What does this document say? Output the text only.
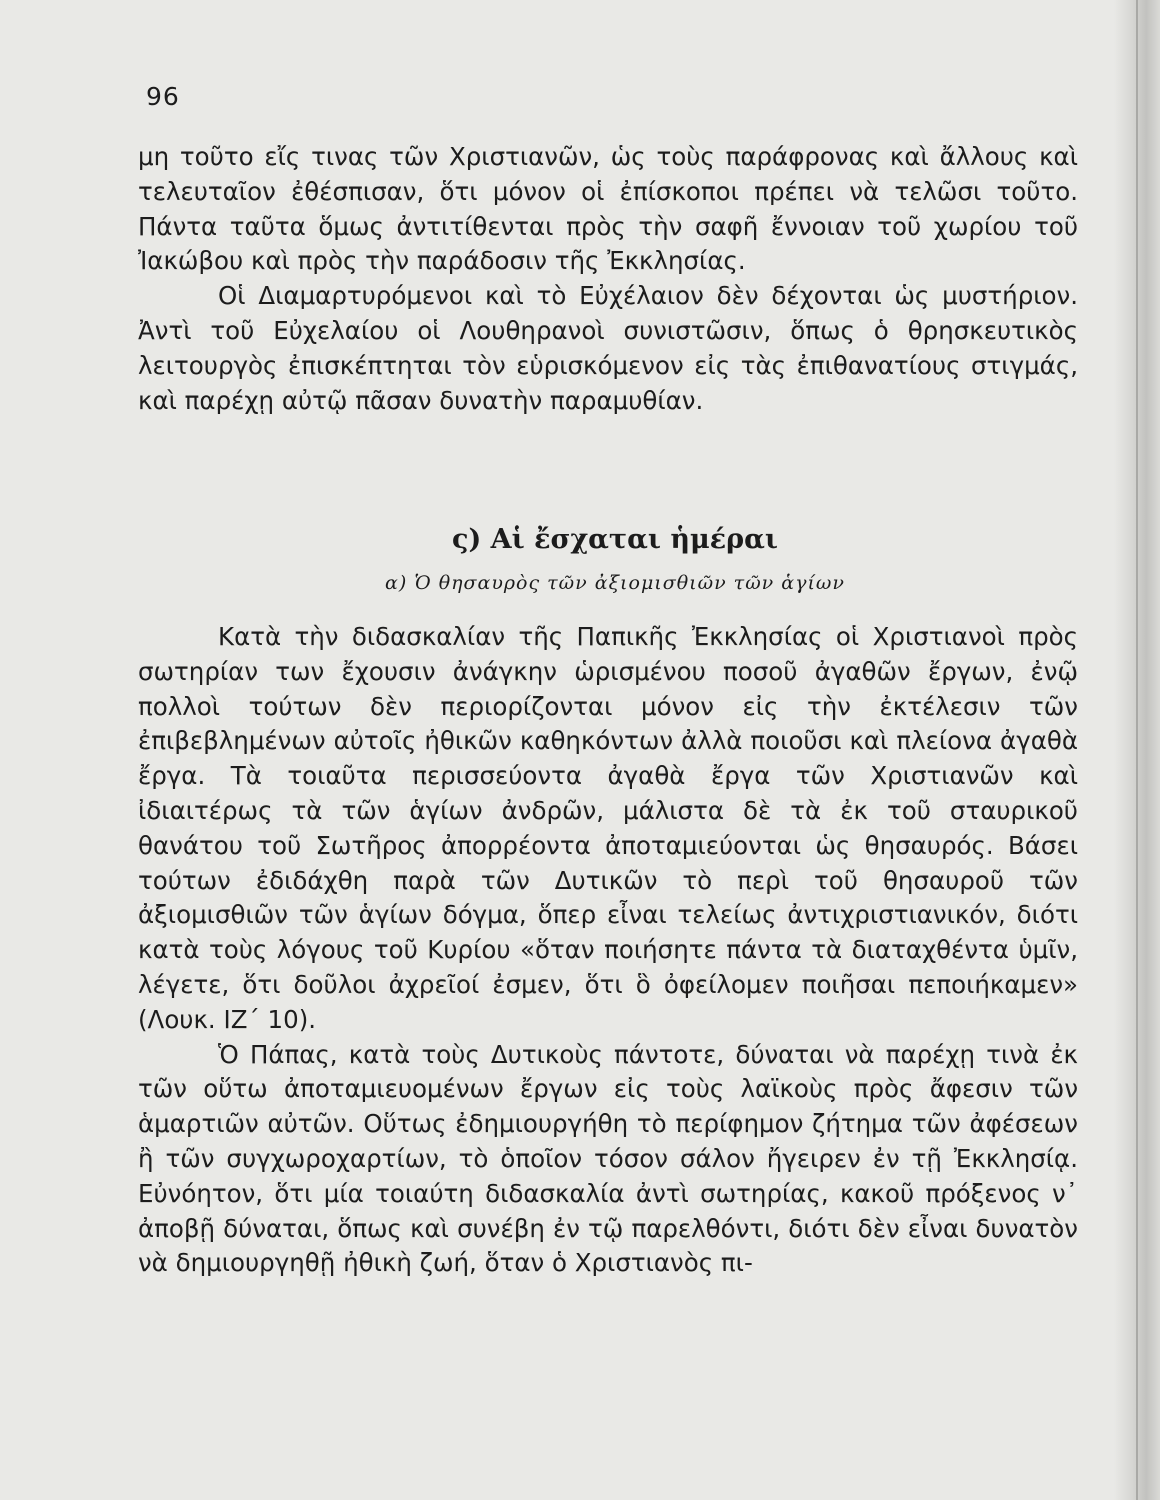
96

μη τοῦτο εἴς τινας τῶν Χριστιανῶν, ὡς τοὺς παράφρονας καὶ ἄλλους καὶ τελευταῖον ἐθέσπισαν, ὅτι μόνον οἱ ἐπίσκοποι πρέπει νὰ τελῶσι τοῦτο. Πάντα ταῦτα ὅμως ἀντιτίθενται πρὸς τὴν σαφῆ ἔννοιαν τοῦ χωρίου τοῦ Ἰακώβου καὶ πρὸς τὴν παράδοσιν τῆς Ἐκκλησίας.

Οἱ Διαμαρτυρόμενοι καὶ τὸ Εὐχέλαιον δὲν δέχονται ὡς μυστήριον. Ἀντὶ τοῦ Εὐχελαίου οἱ Λουθηρανοὶ συνιστῶσιν, ὅπως ὁ θρησκευτικὸς λειτουργὸς ἐπισκέπτηται τὸν εὑρισκόμενον εἰς τὰς ἐπιθανατίους στιγμάς, καὶ παρέχῃ αὐτῷ πᾶσαν δυνατὴν παραμυθίαν.

ς) Αἱ ἔσχαται ἡμέραι
α) Ὁ θησαυρὸς τῶν ἀξιομισθιῶν τῶν ἁγίων

Κατὰ τὴν διδασκαλίαν τῆς Παπικῆς Ἐκκλησίας οἱ Χριστιανοὶ πρὸς σωτηρίαν των ἔχουσιν ἀνάγκην ὡρισμένου ποσοῦ ἀγαθῶν ἔργων, ἐνῷ πολλοὶ τούτων δὲν περιορίζονται μόνον εἰς τὴν ἐκτέλεσιν τῶν ἐπιβεβλημένων αὐτοῖς ἠθικῶν καθηκόντων ἀλλὰ ποιοῦσι καὶ πλείονα ἀγαθὰ ἔργα. Τὰ τοιαῦτα περισσεύοντα ἀγαθὰ ἔργα τῶν Χριστιανῶν καὶ ἰδιαιτέρως τὰ τῶν ἁγίων ἀνδρῶν, μάλιστα δὲ τὰ ἐκ τοῦ σταυρικοῦ θανάτου τοῦ Σωτῆρος ἀπορρέοντα ἀποταμιεύονται ὡς θησαυρός. Βάσει τούτων ἐδιδάχθη παρὰ τῶν Δυτικῶν τὸ περὶ τοῦ θησαυροῦ τῶν ἀξιομισθιῶν τῶν ἁγίων δόγμα, ὅπερ εἶναι τελείως ἀντιχριστιανικόν, διότι κατὰ τοὺς λόγους τοῦ Κυρίου «ὅταν ποιήσητε πάντα τὰ διαταχθέντα ὑμῖν, λέγετε, ὅτι δοῦλοι ἀχρεῖοί ἐσμεν, ὅτι ὃ ὀφείλομεν ποιῆσαι πεποιήκαμεν» (Λουκ. ΙΖ΄ 10).

Ὁ Πάπας, κατὰ τοὺς Δυτικοὺς πάντοτε, δύναται νὰ παρέχῃ τινὰ ἐκ τῶν οὕτω ἀποταμιευομένων ἔργων εἰς τοὺς λαϊκοὺς πρὸς ἄφεσιν τῶν ἁμαρτιῶν αὐτῶν. Οὕτως ἐδημιουργήθη τὸ περίφημον ζήτημα τῶν ἀφέσεων ἢ τῶν συγχωροχαρτίων, τὸ ὁποῖον τόσον σάλον ἤγειρεν ἐν τῇ Ἐκκλησίᾳ. Εὐνόητον, ὅτι μία τοιαύτη διδασκαλία ἀντὶ σωτηρίας, κακοῦ πρόξενος ν᾿ ἀποβῇ δύναται, ὅπως καὶ συνέβη ἐν τῷ παρελθόντι, διότι δὲν εἶναι δυνατὸν νὰ δημιουργηθῇ ἠθικὴ ζωή, ὅταν ὁ Χριστιανὸς πι-
